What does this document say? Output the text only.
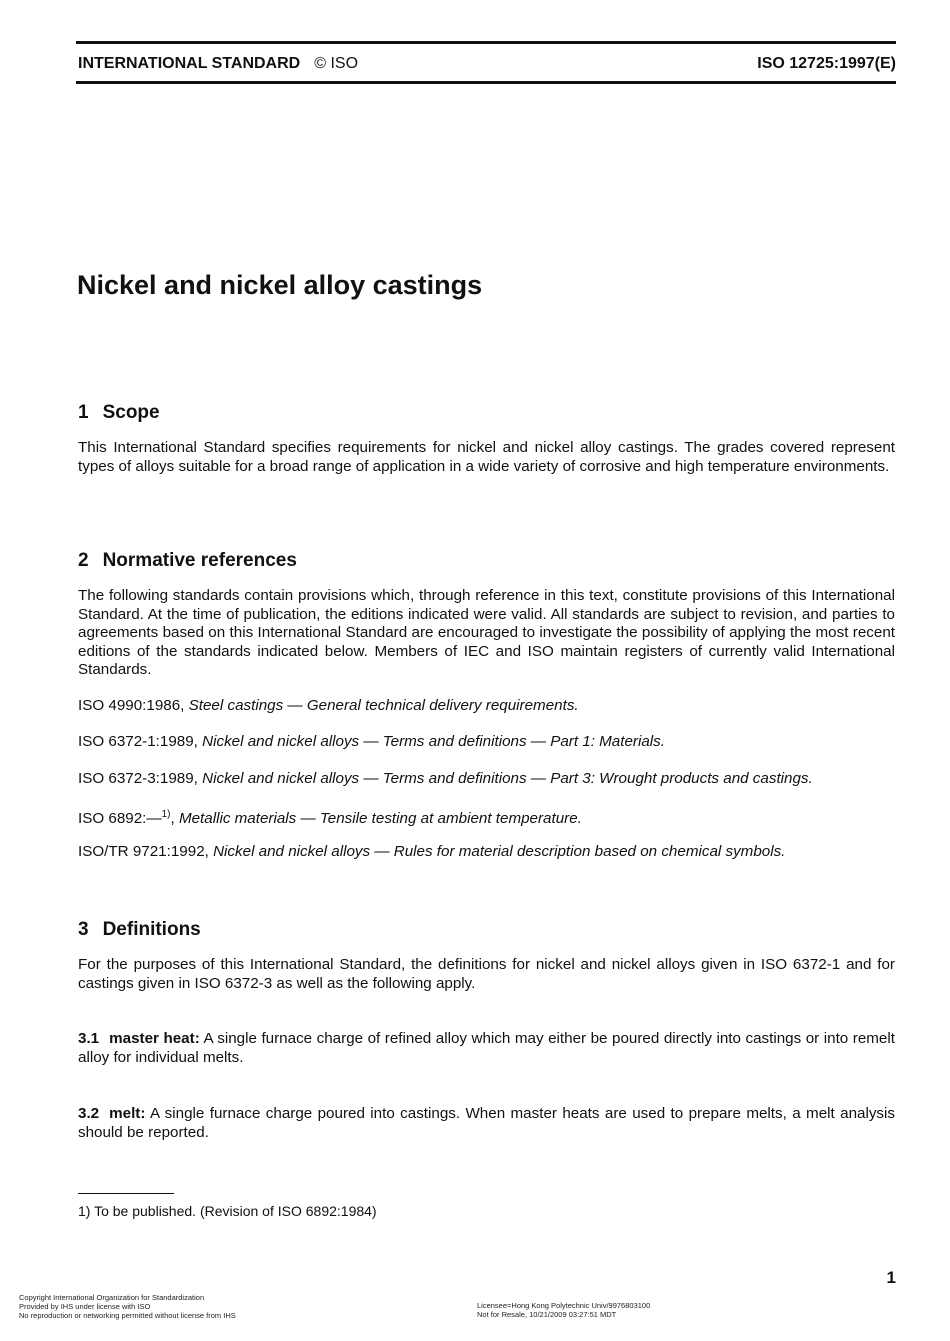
INTERNATIONAL STANDARD © ISO	ISO 12725:1997(E)
Nickel and nickel alloy castings
1 Scope

This International Standard specifies requirements for nickel and nickel alloy castings. The grades covered represent types of alloys suitable for a broad range of application in a wide variety of corrosive and high temperature environments.

2 Normative references

The following standards contain provisions which, through reference in this text, constitute provisions of this International Standard. At the time of publication, the editions indicated were valid. All standards are subject to revision, and parties to agreements based on this International Standard are encouraged to investigate the possibility of applying the most recent editions of the standards indicated below. Members of IEC and ISO maintain registers of currently valid International Standards.

ISO 4990:1986, Steel castings — General technical delivery requirements.

ISO 6372-1:1989, Nickel and nickel alloys — Terms and definitions — Part 1: Materials.

ISO 6372-3:1989, Nickel and nickel alloys — Terms and definitions — Part 3: Wrought products and castings.

ISO 6892:—$^{1)}$, Metallic materials — Tensile testing at ambient temperature.

ISO/TR 9721:1992, Nickel and nickel alloys — Rules for material description based on chemical symbols.

3 Definitions

For the purposes of this International Standard, the definitions for nickel and nickel alloys given in ISO 6372-1 and for castings given in ISO 6372-3 as well as the following apply.

3.1 master heat: A single furnace charge of refined alloy which may either be poured directly into castings or into remelt alloy for individual melts.

3.2 melt: A single furnace charge poured into castings. When master heats are used to prepare melts, a melt analysis should be reported.

1) To be published. (Revision of ISO 6892:1984)

1
Copyright International Organization for Standardization
Provided by IHS under license with ISO
No reproduction or networking permitted without license from IHS
Licensee=Hong Kong Polytechnic Univ/9976803100
Not for Resale, 10/21/2009 03:27:51 MDT
